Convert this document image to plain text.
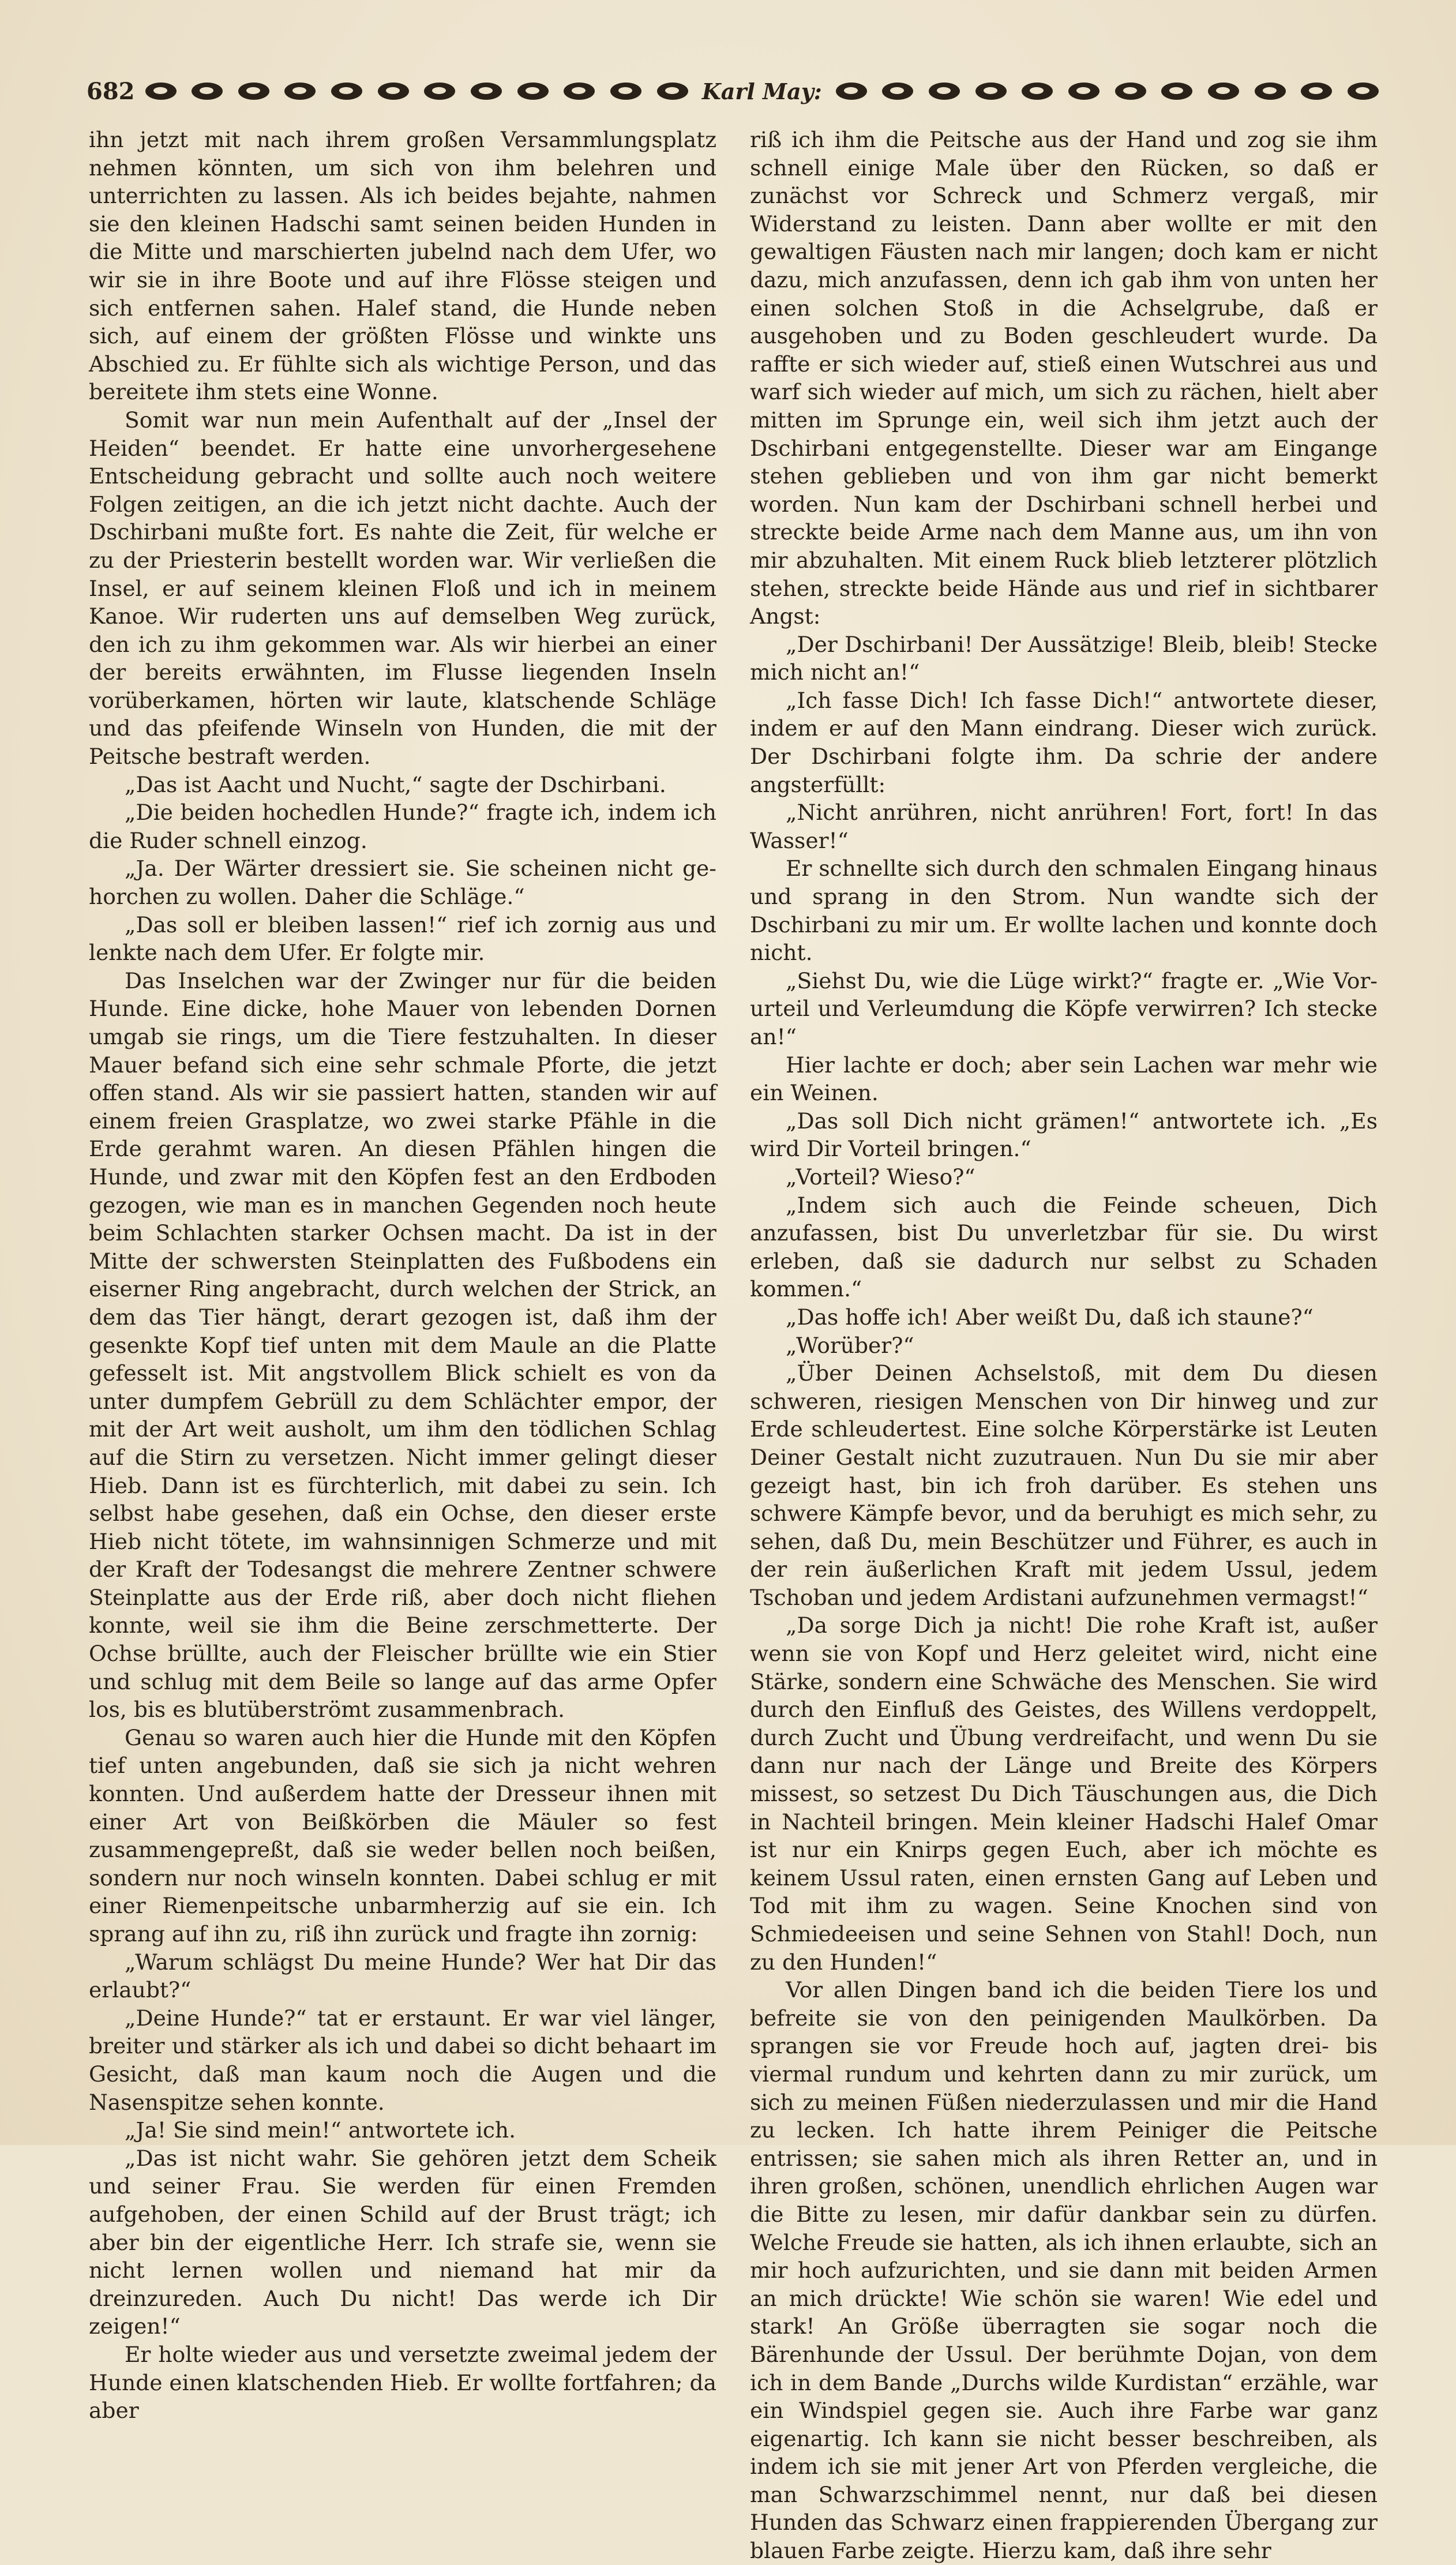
682	Karl May:

ihn jetzt mit nach ihrem großen Versammlungsplatz nehmen könnten, um sich von ihm belehren und unterrichten zu lassen. Als ich beides bejahte, nahmen sie den kleinen Hadschi samt seinen beiden Hunden in die Mitte und marschierten jubelnd nach dem Ufer, wo wir sie in ihre Boote und auf ihre Flösse steigen und sich entfernen sahen. Halef stand, die Hunde neben sich, auf einem der größten Flösse und winkte uns Abschied zu. Er fühlte sich als wichtige Person, und das bereitete ihm stets eine Wonne.

Somit war nun mein Aufenthalt auf der „Insel der Heiden“ beendet. Er hatte eine unvorhergesehene Entscheidung gebracht und sollte auch noch weitere Folgen zeitigen, an die ich jetzt nicht dachte. Auch der Dschirbani mußte fort. Es nahte die Zeit, für welche er zu der Priesterin bestellt worden war. Wir verließen die Insel, er auf seinem kleinen Floß und ich in meinem Kanoe. Wir ruderten uns auf demselben Weg zurück, den ich zu ihm gekommen war. Als wir hierbei an einer der bereits erwähnten, im Flusse liegenden Inseln vorüberkamen, hörten wir laute, klatschende Schläge und das pfeifende Winseln von Hunden, die mit der Peitsche bestraft werden.

„Das ist Aacht und Nucht,“ sagte der Dschirbani.

„Die beiden hochedlen Hunde?“ fragte ich, indem ich die Ruder schnell einzog.

„Ja. Der Wärter dressiert sie. Sie scheinen nicht gehorchen zu wollen. Daher die Schläge.“

„Das soll er bleiben lassen!“ rief ich zornig aus und lenkte nach dem Ufer. Er folgte mir.

Das Inselchen war der Zwinger nur für die beiden Hunde. Eine dicke, hohe Mauer von lebenden Dornen umgab sie rings, um die Tiere festzuhalten. In dieser Mauer befand sich eine sehr schmale Pforte, die jetzt offen stand. Als wir sie passiert hatten, standen wir auf einem freien Grasplatze, wo zwei starke Pfähle in die Erde gerahmt waren. An diesen Pfählen hingen die Hunde, und zwar mit den Köpfen fest an den Erdboden gezogen, wie man es in manchen Gegenden noch heute beim Schlachten starker Ochsen macht. Da ist in der Mitte der schwersten Steinplatten des Fußbodens ein eiserner Ring angebracht, durch welchen der Strick, an dem das Tier hängt, derart gezogen ist, daß ihm der gesenkte Kopf tief unten mit dem Maule an die Platte gefesselt ist. Mit angstvollem Blick schielt es von da unter dumpfem Gebrüll zu dem Schlächter empor, der mit der Art weit ausholt, um ihm den tödlichen Schlag auf die Stirn zu versetzen. Nicht immer gelingt dieser Hieb. Dann ist es fürchterlich, mit dabei zu sein. Ich selbst habe gesehen, daß ein Ochse, den dieser erste Hieb nicht tötete, im wahnsinnigen Schmerze und mit der Kraft der Todesangst die mehrere Zentner schwere Steinplatte aus der Erde riß, aber doch nicht fliehen konnte, weil sie ihm die Beine zerschmetterte. Der Ochse brüllte, auch der Fleischer brüllte wie ein Stier und schlug mit dem Beile so lange auf das arme Opfer los, bis es blutüberströmt zusammenbrach.

Genau so waren auch hier die Hunde mit den Köpfen tief unten angebunden, daß sie sich ja nicht wehren konnten. Und außerdem hatte der Dresseur ihnen mit einer Art von Beißkörben die Mäuler so fest zusammengepreßt, daß sie weder bellen noch beißen, sondern nur noch winseln konnten. Dabei schlug er mit einer Riemenpeitsche unbarmherzig auf sie ein. Ich sprang auf ihn zu, riß ihn zurück und fragte ihn zornig:

„Warum schlägst Du meine Hunde? Wer hat Dir das erlaubt?“

„Deine Hunde?“ tat er erstaunt. Er war viel länger, breiter und stärker als ich und dabei so dicht behaart im Gesicht, daß man kaum noch die Augen und die Nasenspitze sehen konnte.

„Ja! Sie sind mein!“ antwortete ich.

„Das ist nicht wahr. Sie gehören jetzt dem Scheik und seiner Frau. Sie werden für einen Fremden aufgehoben, der einen Schild auf der Brust trägt; ich aber bin der eigentliche Herr. Ich strafe sie, wenn sie nicht lernen wollen und niemand hat mir da dreinzureden. Auch Du nicht! Das werde ich Dir zeigen!“

Er holte wieder aus und versetzte zweimal jedem der Hunde einen klatschenden Hieb. Er wollte fortfahren; da aber

riß ich ihm die Peitsche aus der Hand und zog sie ihm schnell einige Male über den Rücken, so daß er zunächst vor Schreck und Schmerz vergaß, mir Widerstand zu leisten. Dann aber wollte er mit den gewaltigen Fäusten nach mir langen; doch kam er nicht dazu, mich anzufassen, denn ich gab ihm von unten her einen solchen Stoß in die Achselgrube, daß er ausgehoben und zu Boden geschleudert wurde. Da raffte er sich wieder auf, stieß einen Wutschrei aus und warf sich wieder auf mich, um sich zu rächen, hielt aber mitten im Sprunge ein, weil sich ihm jetzt auch der Dschirbani entgegenstellte. Dieser war am Eingange stehen geblieben und von ihm gar nicht bemerkt worden. Nun kam der Dschirbani schnell herbei und streckte beide Arme nach dem Manne aus, um ihn von mir abzuhalten. Mit einem Ruck blieb letzterer plötzlich stehen, streckte beide Hände aus und rief in sichtbarer Angst:

„Der Dschirbani! Der Aussätzige! Bleib, bleib! Stecke mich nicht an!“

„Ich fasse Dich! Ich fasse Dich!“ antwortete dieser, indem er auf den Mann eindrang. Dieser wich zurück. Der Dschirbani folgte ihm. Da schrie der andere angsterfüllt:

„Nicht anrühren, nicht anrühren! Fort, fort! In das Wasser!“

Er schnellte sich durch den schmalen Eingang hinaus und sprang in den Strom. Nun wandte sich der Dschirbani zu mir um. Er wollte lachen und konnte doch nicht.

„Siehst Du, wie die Lüge wirkt?“ fragte er. „Wie Vorurteil und Verleumdung die Köpfe verwirren? Ich stecke an!“

Hier lachte er doch; aber sein Lachen war mehr wie ein Weinen.

„Das soll Dich nicht grämen!“ antwortete ich. „Es wird Dir Vorteil bringen.“

„Vorteil? Wieso?“

„Indem sich auch die Feinde scheuen, Dich anzufassen, bist Du unverletzbar für sie. Du wirst erleben, daß sie dadurch nur selbst zu Schaden kommen.“

„Das hoffe ich! Aber weißt Du, daß ich staune?“

„Worüber?“

„Über Deinen Achselstoß, mit dem Du diesen schweren, riesigen Menschen von Dir hinweg und zur Erde schleudertest. Eine solche Körperstärke ist Leuten Deiner Gestalt nicht zuzutrauen. Nun Du sie mir aber gezeigt hast, bin ich froh darüber. Es stehen uns schwere Kämpfe bevor, und da beruhigt es mich sehr, zu sehen, daß Du, mein Beschützer und Führer, es auch in der rein äußerlichen Kraft mit jedem Ussul, jedem Tschoban und jedem Ardistani aufzunehmen vermagst!“

„Da sorge Dich ja nicht! Die rohe Kraft ist, außer wenn sie von Kopf und Herz geleitet wird, nicht eine Stärke, sondern eine Schwäche des Menschen. Sie wird durch den Einfluß des Geistes, des Willens verdoppelt, durch Zucht und Übung verdreifacht, und wenn Du sie dann nur nach der Länge und Breite des Körpers missest, so setzest Du Dich Täuschungen aus, die Dich in Nachteil bringen. Mein kleiner Hadschi Halef Omar ist nur ein Knirps gegen Euch, aber ich möchte es keinem Ussul raten, einen ernsten Gang auf Leben und Tod mit ihm zu wagen. Seine Knochen sind von Schmiedeeisen und seine Sehnen von Stahl! Doch, nun zu den Hunden!“

Vor allen Dingen band ich die beiden Tiere los und befreite sie von den peinigenden Maulkörben. Da sprangen sie vor Freude hoch auf, jagten drei- bis viermal rundum und kehrten dann zu mir zurück, um sich zu meinen Füßen niederzulassen und mir die Hand zu lecken. Ich hatte ihrem Peiniger die Peitsche entrissen; sie sahen mich als ihren Retter an, und in ihren großen, schönen, unendlich ehrlichen Augen war die Bitte zu lesen, mir dafür dankbar sein zu dürfen. Welche Freude sie hatten, als ich ihnen erlaubte, sich an mir hoch aufzurichten, und sie dann mit beiden Armen an mich drückte! Wie schön sie waren! Wie edel und stark! An Größe überragten sie sogar noch die Bärenhunde der Ussul. Der berühmte Dojan, von dem ich in dem Bande „Durchs wilde Kurdistan“ erzähle, war ein Windspiel gegen sie. Auch ihre Farbe war ganz eigenartig. Ich kann sie nicht besser beschreiben, als indem ich sie mit jener Art von Pferden vergleiche, die man Schwarzschimmel nennt, nur daß bei diesen Hunden das Schwarz einen frappierenden Übergang zur blauen Farbe zeigte. Hierzu kam, daß ihre sehr
